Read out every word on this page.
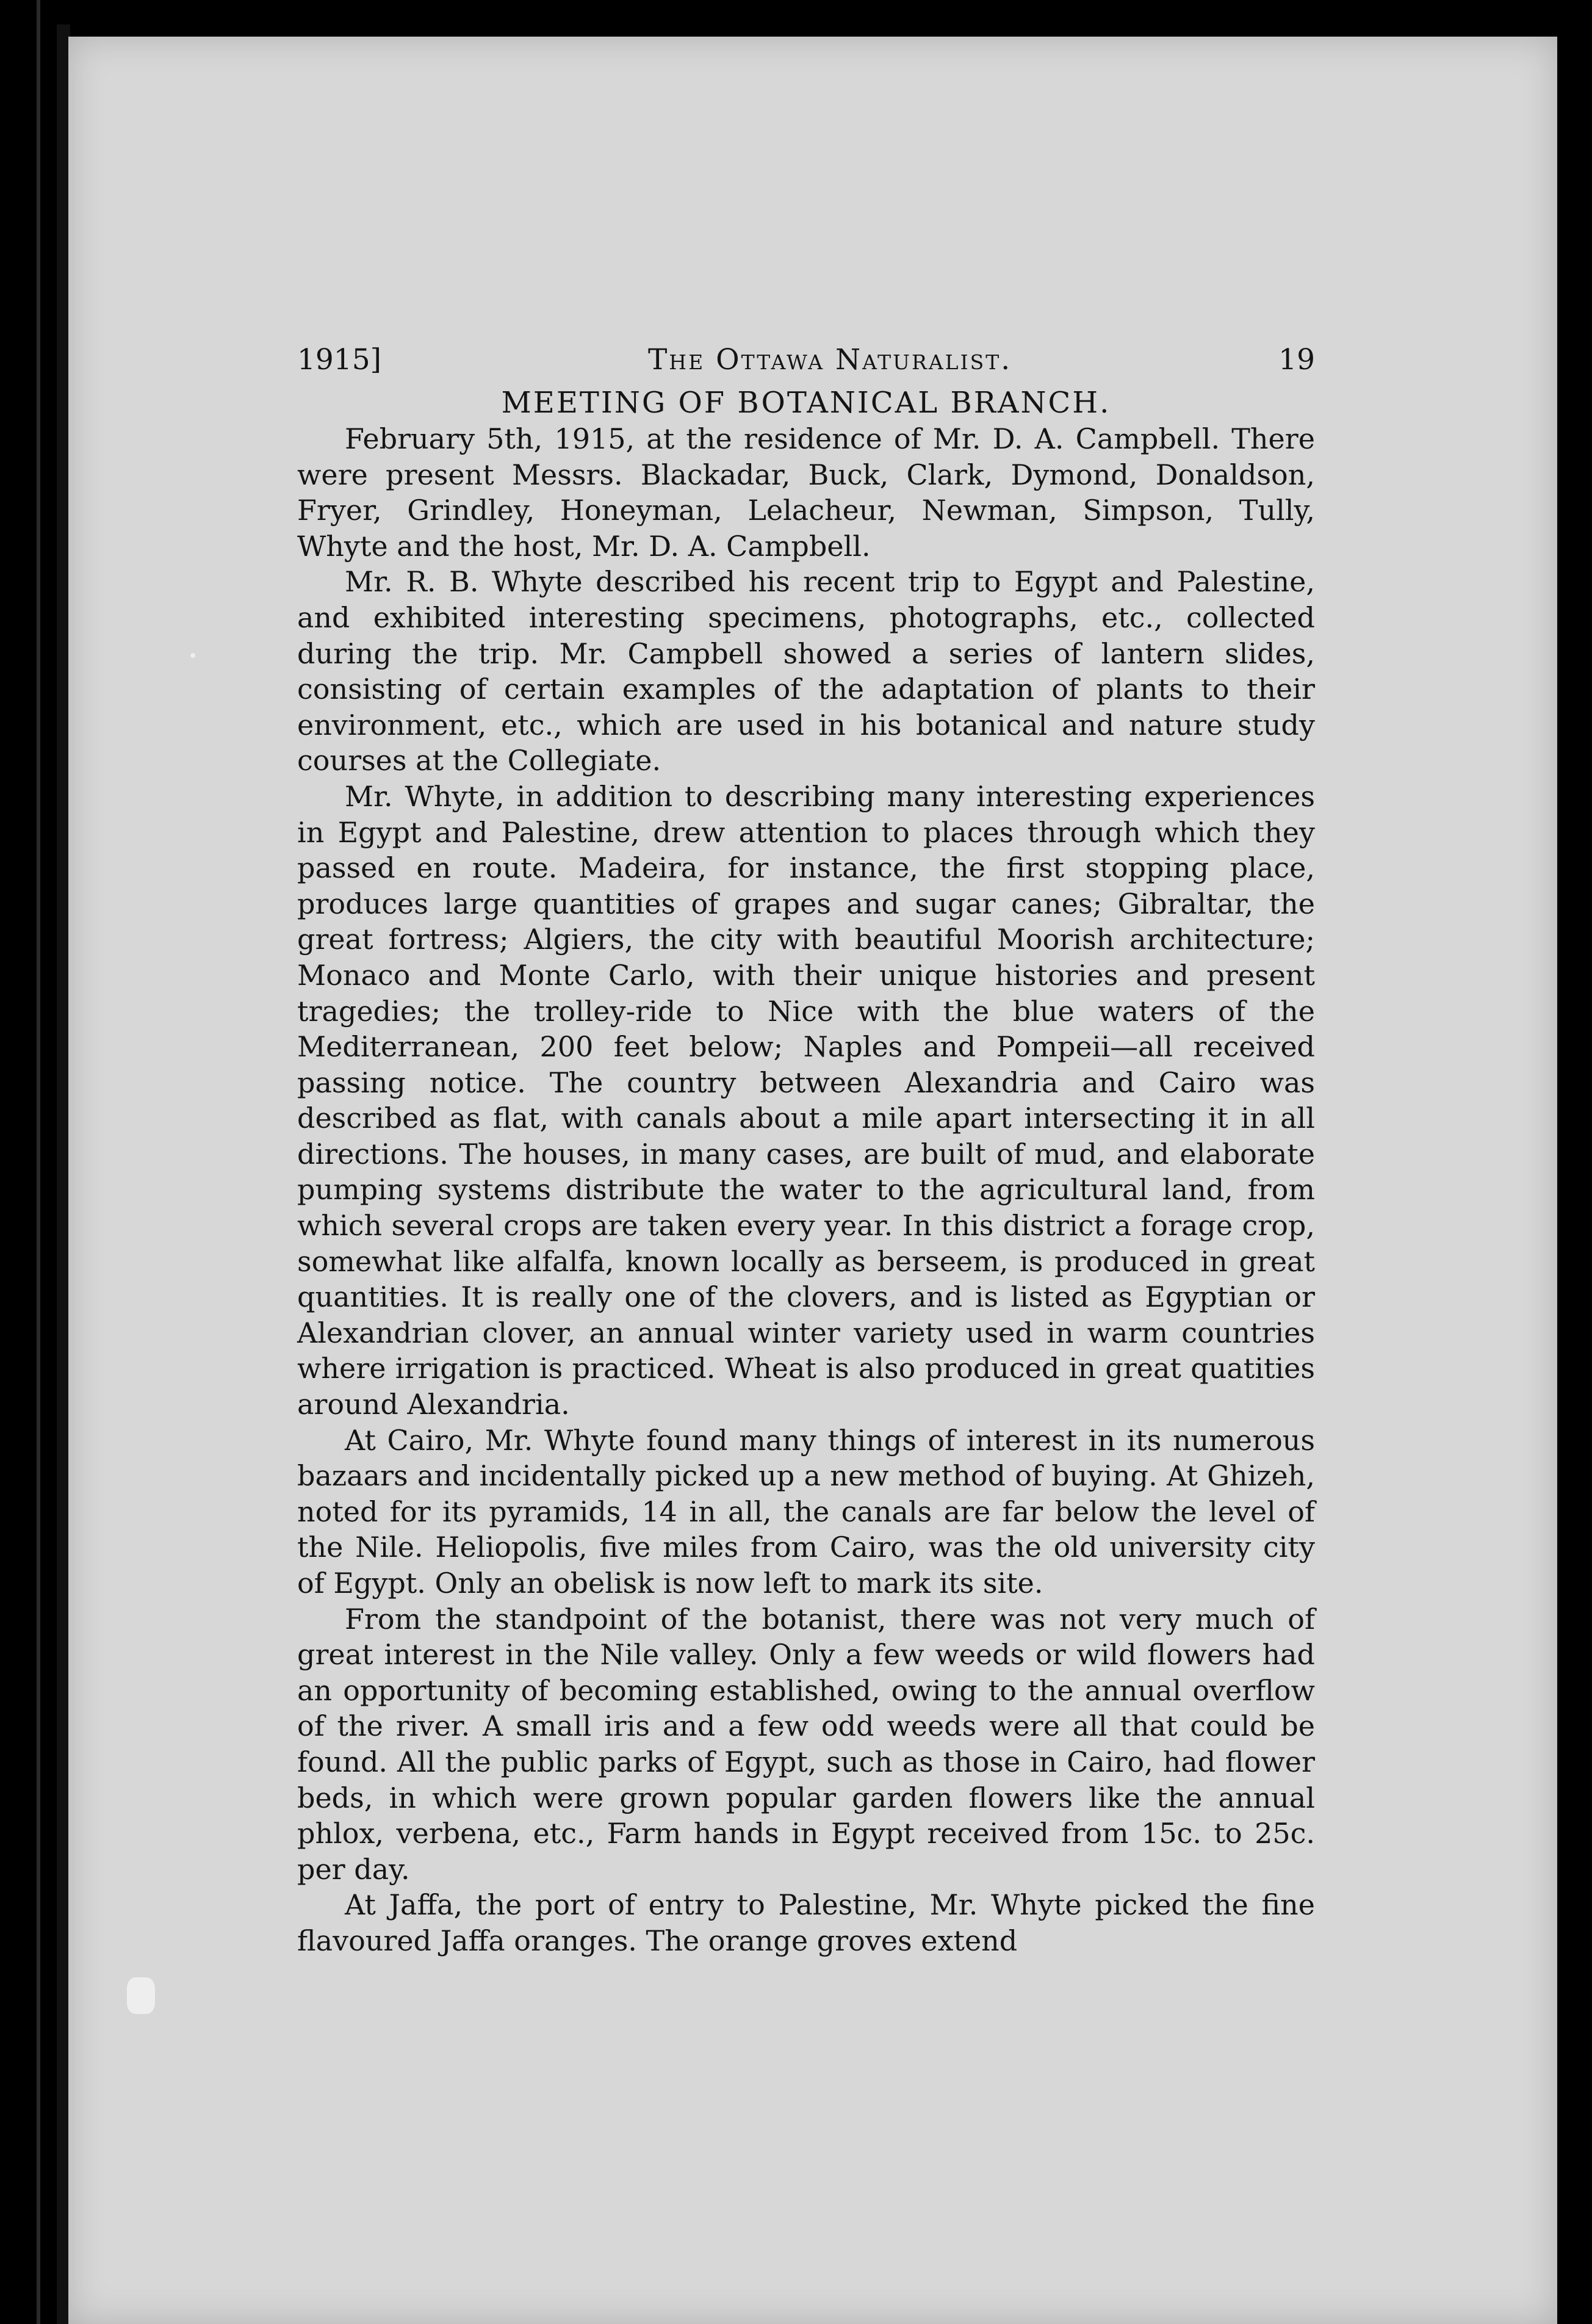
1915]	The Ottawa Naturalist.	19
MEETING OF BOTANICAL BRANCH.

February 5th, 1915, at the residence of Mr. D. A. Campbell. There were present Messrs. Blackadar, Buck, Clark, Dymond, Donaldson, Fryer, Grindley, Honeyman, Lelacheur, Newman, Simpson, Tully, Whyte and the host, Mr. D. A. Campbell.

Mr. R. B. Whyte described his recent trip to Egypt and Palestine, and exhibited interesting specimens, photographs, etc., collected during the trip. Mr. Campbell showed a series of lantern slides, consisting of certain examples of the adaptation of plants to their environment, etc., which are used in his botanical and nature study courses at the Collegiate.

Mr. Whyte, in addition to describing many interesting experiences in Egypt and Palestine, drew attention to places through which they passed en route. Madeira, for instance, the first stopping place, produces large quantities of grapes and sugar canes; Gibraltar, the great fortress; Algiers, the city with beautiful Moorish architecture; Monaco and Monte Carlo, with their unique histories and present tragedies; the trolley-ride to Nice with the blue waters of the Mediterranean, 200 feet below; Naples and Pompeii—all received passing notice. The country between Alexandria and Cairo was described as flat, with canals about a mile apart intersecting it in all directions. The houses, in many cases, are built of mud, and elaborate pumping systems distribute the water to the agricultural land, from which several crops are taken every year. In this district a forage crop, somewhat like alfalfa, known locally as berseem, is produced in great quantities. It is really one of the clovers, and is listed as Egyptian or Alexandrian clover, an annual winter variety used in warm countries where irrigation is practiced. Wheat is also produced in great quatities around Alexandria.

At Cairo, Mr. Whyte found many things of interest in its numerous bazaars and incidentally picked up a new method of buying. At Ghizeh, noted for its pyramids, 14 in all, the canals are far below the level of the Nile. Heliopolis, five miles from Cairo, was the old university city of Egypt. Only an obelisk is now left to mark its site.

From the standpoint of the botanist, there was not very much of great interest in the Nile valley. Only a few weeds or wild flowers had an opportunity of becoming established, owing to the annual overflow of the river. A small iris and a few odd weeds were all that could be found. All the public parks of Egypt, such as those in Cairo, had flower beds, in which were grown popular garden flowers like the annual phlox, verbena, etc., Farm hands in Egypt received from 15c. to 25c. per day.

At Jaffa, the port of entry to Palestine, Mr. Whyte picked the fine flavoured Jaffa oranges. The orange groves extend
